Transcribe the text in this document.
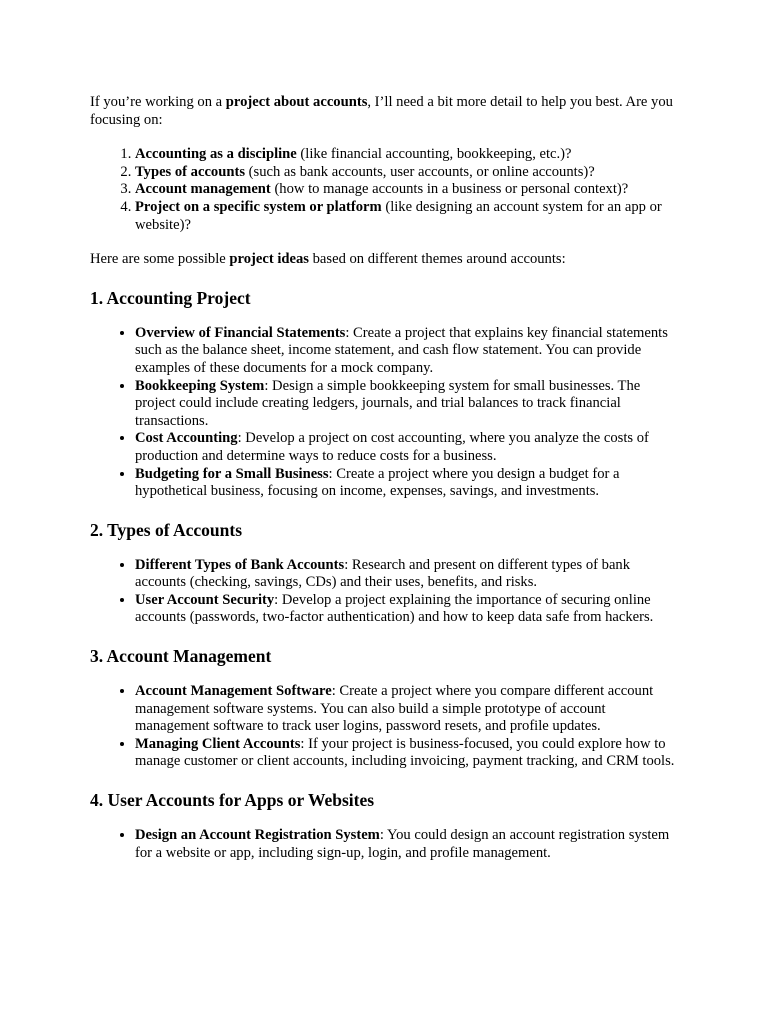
If you’re working on a project about accounts, I’ll need a bit more detail to help you best. Are you focusing on:

1. Accounting as a discipline (like financial accounting, bookkeeping, etc.)?
2. Types of accounts (such as bank accounts, user accounts, or online accounts)?
3. Account management (how to manage accounts in a business or personal context)?
4. Project on a specific system or platform (like designing an account system for an app or website)?

Here are some possible project ideas based on different themes around accounts:

1. Accounting Project
• Overview of Financial Statements: Create a project that explains key financial statements such as the balance sheet, income statement, and cash flow statement. You can provide examples of these documents for a mock company.
• Bookkeeping System: Design a simple bookkeeping system for small businesses. The project could include creating ledgers, journals, and trial balances to track financial transactions.
• Cost Accounting: Develop a project on cost accounting, where you analyze the costs of production and determine ways to reduce costs for a business.
• Budgeting for a Small Business: Create a project where you design a budget for a hypothetical business, focusing on income, expenses, savings, and investments.
2. Types of Accounts
• Different Types of Bank Accounts: Research and present on different types of bank accounts (checking, savings, CDs) and their uses, benefits, and risks.
• User Account Security: Develop a project explaining the importance of securing online accounts (passwords, two-factor authentication) and how to keep data safe from hackers.
3. Account Management
• Account Management Software: Create a project where you compare different account management software systems. You can also build a simple prototype of account management software to track user logins, password resets, and profile updates.
• Managing Client Accounts: If your project is business-focused, you could explore how to manage customer or client accounts, including invoicing, payment tracking, and CRM tools.
4. User Accounts for Apps or Websites
• Design an Account Registration System: You could design an account registration system for a website or app, including sign-up, login, and profile management.
